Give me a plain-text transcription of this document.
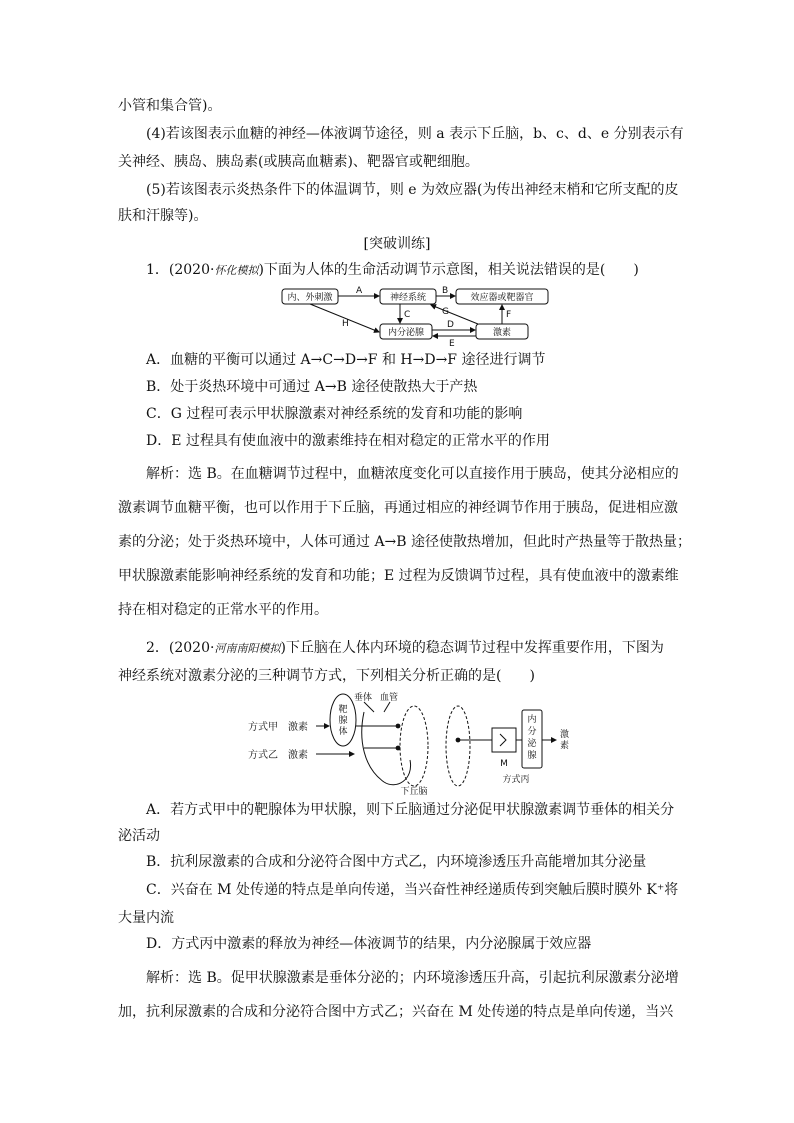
小管和集合管)。
(4)若该图表示血糖的神经—体液调节途径，则 a 表示下丘脑，b、c、d、e 分别表示有
关神经、胰岛、胰岛素(或胰高血糖素)、靶器官或靶细胞。
(5)若该图表示炎热条件下的体温调节，则 e 为效应器(为传出神经末梢和它所支配的皮
肤和汗腺等)。
[突破训练]
1．(2020·怀化模拟)下面为人体的生命活动调节示意图，相关说法错误的是(　　)
内、外刺激	神经系统	效应器或靶器官
内分泌腺	激素
A	B
C
D
E
F
G
H
A．血糖的平衡可以通过 A→C→D→F 和 H→D→F 途径进行调节
B．处于炎热环境中可通过 A→B 途径使散热大于产热
C．G 过程可表示甲状腺激素对神经系统的发育和功能的影响
D．E 过程具有使血液中的激素维持在相对稳定的正常水平的作用
解析：选 B。在血糖调节过程中，血糖浓度变化可以直接作用于胰岛，使其分泌相应的
激素调节血糖平衡，也可以作用于下丘脑，再通过相应的神经调节作用于胰岛，促进相应激
素的分泌；处于炎热环境中，人体可通过 A→B 途径使散热增加，但此时产热量等于散热量；
甲状腺激素能影响神经系统的发育和功能；E 过程为反馈调节过程，具有使血液中的激素维
持在相对稳定的正常水平的作用。
2．(2020·河南南阳模拟)下丘脑在人体内环境的稳态调节过程中发挥重要作用，下图为
神经系统对激素分泌的三种调节方式，下列相关分析正确的是(　　)
方式甲 激素
方式乙 激素
靶
腺
体
垂体 血管
下丘脑
M
内
分
泌
腺
激
素
方式丙
A．若方式甲中的靶腺体为甲状腺，则下丘脑通过分泌促甲状腺激素调节垂体的相关分
泌活动
B．抗利尿激素的合成和分泌符合图中方式乙，内环境渗透压升高能增加其分泌量
C．兴奋在 M 处传递的特点是单向传递，当兴奋性神经递质传到突触后膜时膜外 K⁺将
大量内流
D．方式丙中激素的释放为神经—体液调节的结果，内分泌腺属于效应器
解析：选 B。促甲状腺激素是垂体分泌的；内环境渗透压升高，引起抗利尿激素分泌增
加，抗利尿激素的合成和分泌符合图中方式乙；兴奋在 M 处传递的特点是单向传递，当兴
